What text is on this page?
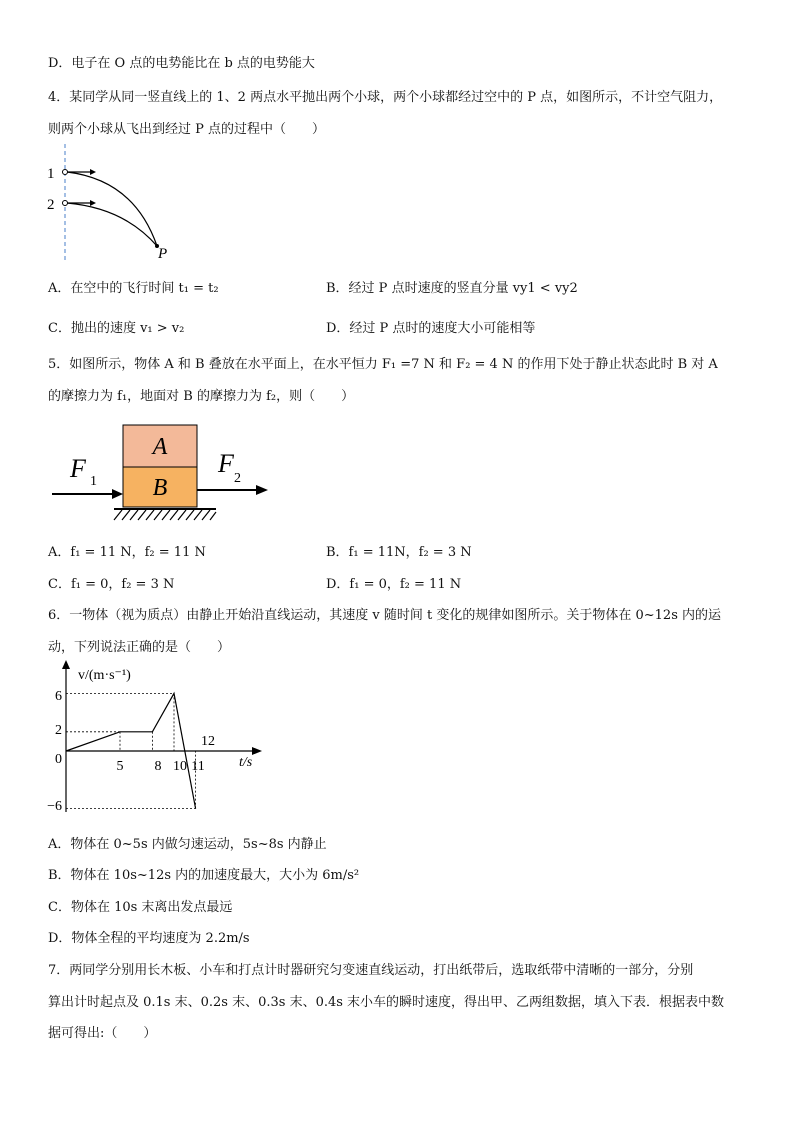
D．电子在 O 点的电势能比在 b 点的电势能大
4．某同学从同一竖直线上的 1、2 两点水平抛出两个小球，两个小球都经过空中的 P 点，如图所示，不计空气阻力，
则两个小球从飞出到经过 P 点的过程中（　　）
1
2
P
A．在空中的飞行时间 t₁ = t₂	B．经过 P 点时速度的竖直分量 vy1 < vy2
C．抛出的速度 v₁ > v₂	D．经过 P 点时的速度大小可能相等
5．如图所示，物体 A 和 B 叠放在水平面上，在水平恒力 F₁ =7 N 和 F₂ = 4 N 的作用下处于静止状态此时 B 对 A
的摩擦力为 f₁，地面对 B 的摩擦力为 f₂，则（　　）
A
B
F 1
F
2
A．f₁ = 11 N，f₂ = 11 N	B．f₁ = 11N，f₂ = 3 N
C．f₁ = 0，f₂ = 3 N	D．f₁ = 0，f₂ = 11 N
6．一物体（视为质点）由静止开始沿直线运动，其速度 v 随时间 t 变化的规律如图所示。关于物体在 0~12s 内的运
动，下列说法正确的是（　　）
v/(m·s⁻¹)
t/s
6
2
0
−6
5 8 10 11
12
A．物体在 0~5s 内做匀速运动，5s~8s 内静止
B．物体在 10s~12s 内的加速度最大，大小为 6m/s²
C．物体在 10s 末离出发点最远
D．物体全程的平均速度为 2.2m/s
7．两同学分别用长木板、小车和打点计时器研究匀变速直线运动，打出纸带后，选取纸带中清晰的一部分，分别
算出计时起点及 0.1s 末、0.2s 末、0.3s 末、0.4s 末小车的瞬时速度，得出甲、乙两组数据，填入下表．根据表中数
据可得出:（　　）
